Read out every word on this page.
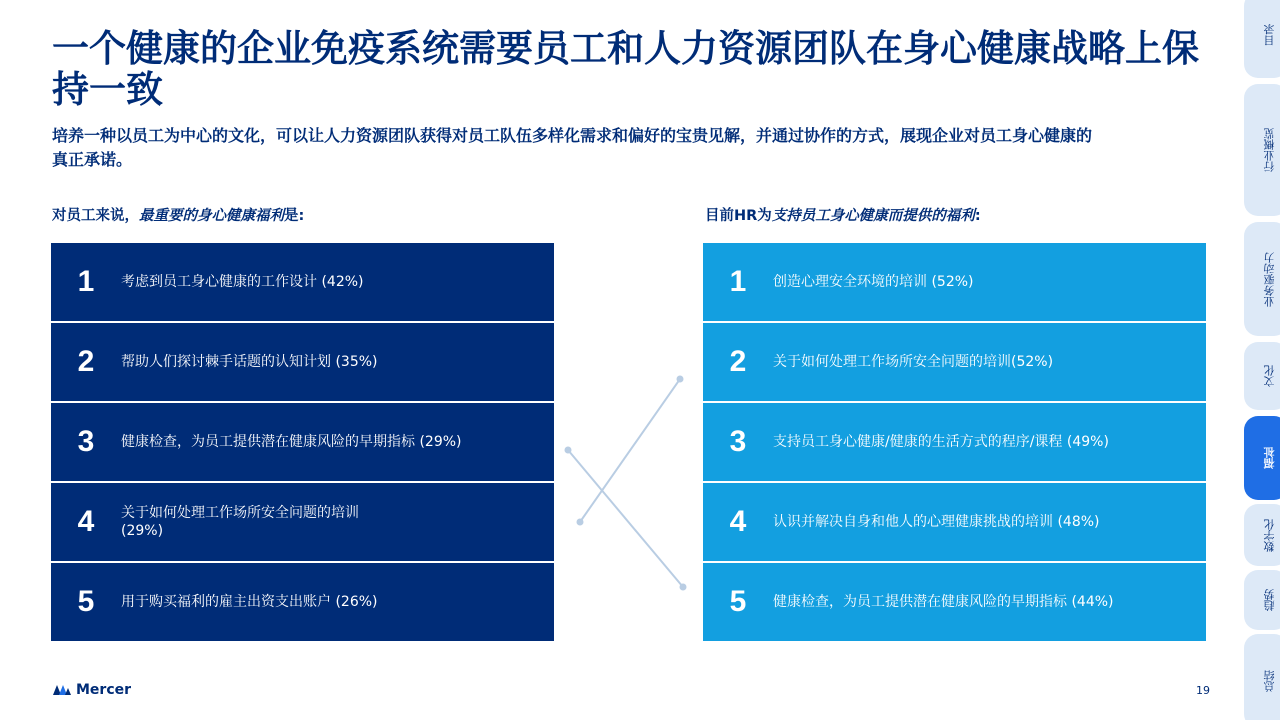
一个健康的企业免疫系统需要员工和人力资源团队在身心健康战略上保持一致
培养一种以员工为中心的文化，可以让人力资源团队获得对员工队伍多样化需求和偏好的宝贵见解，并通过协作的方式，展现企业对员工身心健康的真正承诺。
对员工来说，最重要的身心健康福利是:	目前HR为支持员工身心健康而提供的福利:
1	考虑到员工身心健康的工作设计 (42%)
2	帮助人们探讨棘手话题的认知计划 (35%)
3	健康检查，为员工提供潜在健康风险的早期指标 (29%)
4	关于如何处理工作场所安全问题的培训 (29%)
5	用于购买福利的雇主出资支出账户 (26%)
1	创造心理安全环境的培训 (52%)
2	关于如何处理工作场所安全问题的培训(52%)
3	支持员工身心健康/健康的生活方式的程序/课程 (49%)
4	认识并解决自身和他人的心理健康挑战的培训 (48%)
5	健康检查，为员工提供潜在健康风险的早期指标 (44%)
Mercer	19
目录
行业概览
业务驱动力
文化
福祉
数字化
趋势
总结
